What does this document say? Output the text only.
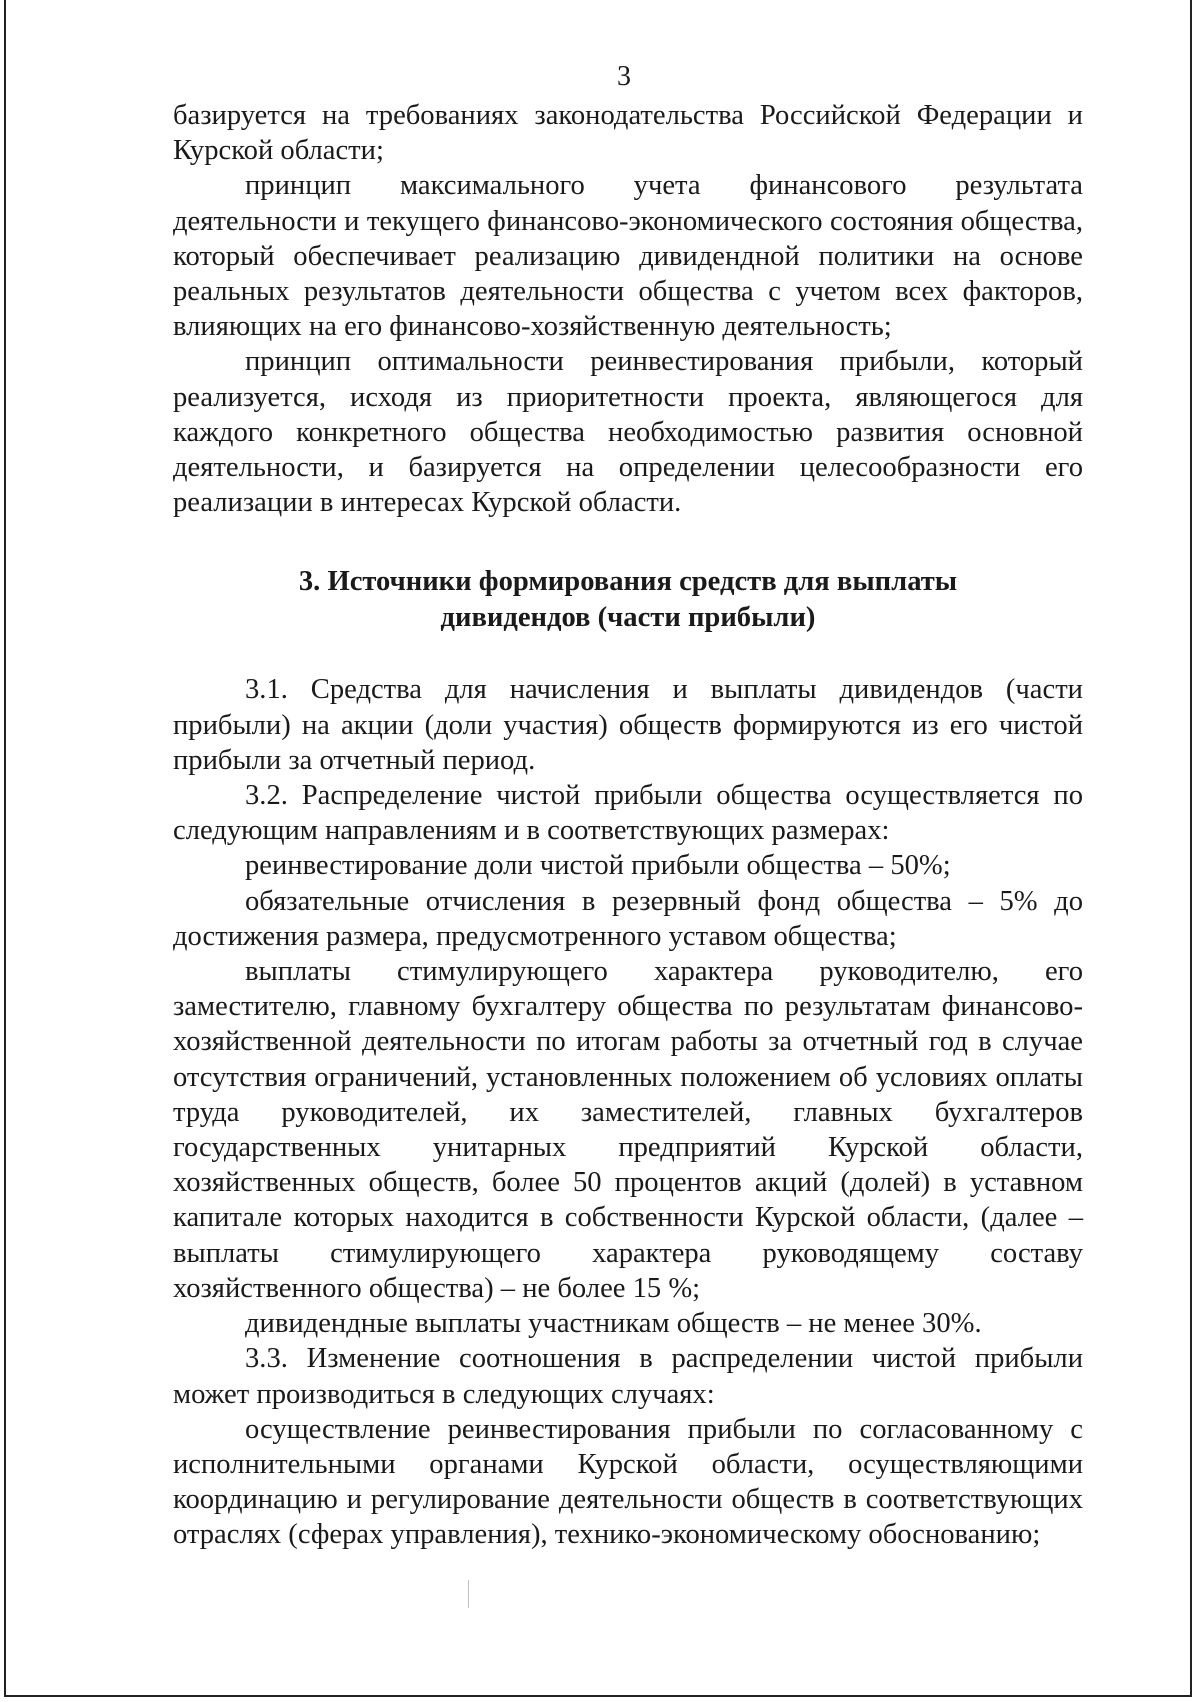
3

базируется на требованиях законодательства Российской Федерации и Курской области;

принцип максимального учета финансового результата деятельности и текущего финансово-экономического состояния общества, который обеспечивает реализацию дивидендной политики на основе реальных результатов деятельности общества с учетом всех факторов, влияющих на его финансово-хозяйственную деятельность;

принцип оптимальности реинвестирования прибыли, который реализуется, исходя из приоритетности проекта, являющегося для каждого конкретного общества необходимостью развития основной деятельности, и базируется на определении целесообразности его реализации в интересах Курской области.

3. Источники формирования средств для выплаты
дивидендов (части прибыли)

3.1. Средства для начисления и выплаты дивидендов (части прибыли) на акции (доли участия) обществ формируются из его чистой прибыли за отчетный период.

3.2. Распределение чистой прибыли общества осуществляется по следующим направлениям и в соответствующих размерах:

реинвестирование доли чистой прибыли общества – 50%;

обязательные отчисления в резервный фонд общества – 5% до достижения размера, предусмотренного уставом общества;

выплаты стимулирующего характера руководителю, его заместителю, главному бухгалтеру общества по результатам финансово-хозяйственной деятельности по итогам работы за отчетный год в случае отсутствия ограничений, установленных положением об условиях оплаты труда руководителей, их заместителей, главных бухгалтеров государственных унитарных предприятий Курской области, хозяйственных обществ, более 50 процентов акций (долей) в уставном капитале которых находится в собственности Курской области, (далее – выплаты стимулирующего характера руководящему составу хозяйственного общества) – не более 15 %;

дивидендные выплаты участникам обществ – не менее 30%.

3.3. Изменение соотношения в распределении чистой прибыли может производиться в следующих случаях:

осуществление реинвестирования прибыли по согласованному с исполнительными органами Курской области, осуществляющими координацию и регулирование деятельности обществ в соответствующих отраслях (сферах управления), технико-экономическому обоснованию;
